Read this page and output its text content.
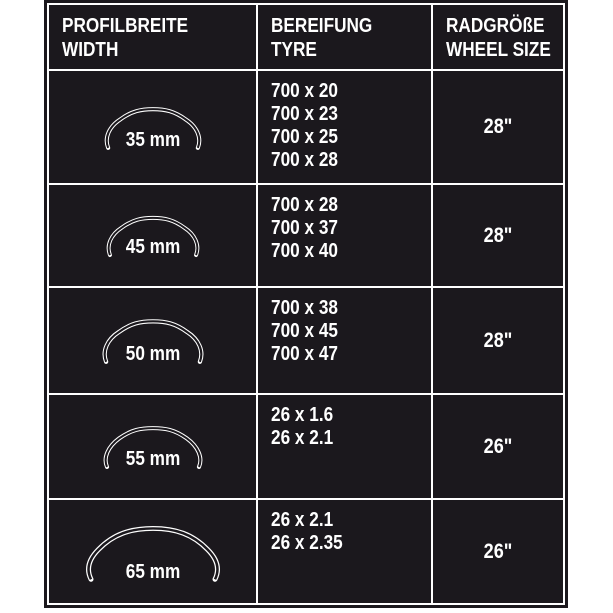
PROFILBREITE
WIDTH
BEREIFUNG
TYRE
RADGRÖßE
WHEEL SIZE
35 mm
700 x 20
700 x 23
700 x 25
700 x 28
28"
45 mm
700 x 28
700 x 37
700 x 40
28"
50 mm
700 x 38
700 x 45
700 x 47
28"
55 mm
26 x 1.6
26 x 2.1	26"
65 mm
26 x 2.1
26 x 2.35	26"
